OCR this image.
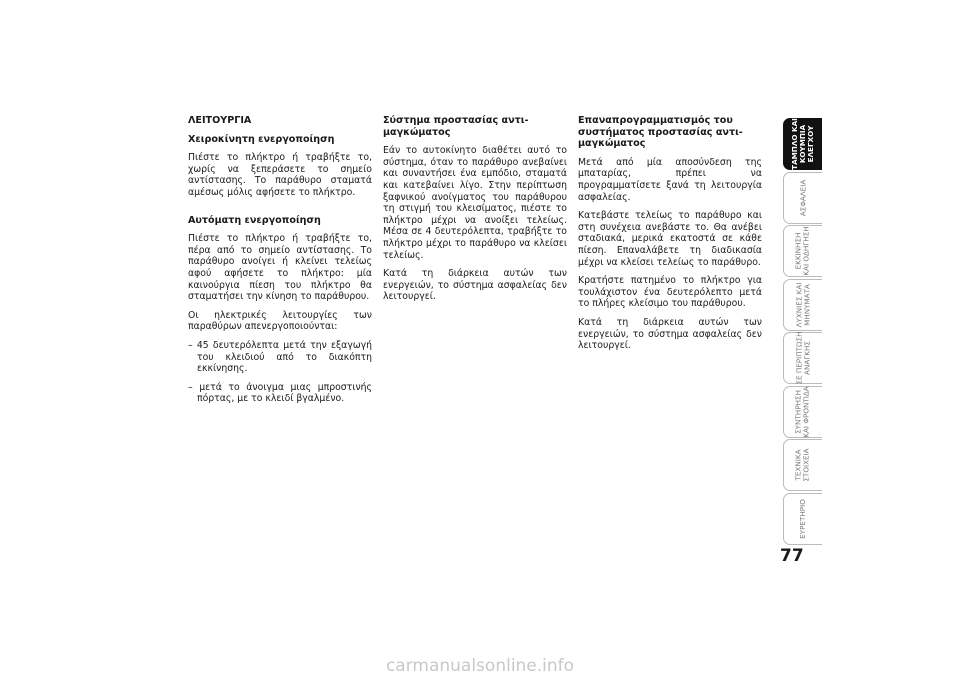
ΛΕΙΤΟΥΡΓΙΑ
Χειροκίνητη ενεργοποίηση

Πιέστε το πλήκτρο ή τραβήξτε το, χωρίς να ξεπεράσετε το σημείο αντίστασης. Το παράθυρο σταματά αμέσως μόλις αφήσετε το πλήκτρο.

Αυτόματη ενεργοποίηση

Πιέστε το πλήκτρο ή τραβήξτε το, πέρα από το σημείο αντίστασης. Το παράθυρο ανοίγει ή κλείνει τελείως αφού αφήσετε το πλήκτρο: μία καινούργια πίεση του πλήκτρο θα σταματήσει την κίνηση το παράθυρου.

Οι ηλεκτρικές λειτουργίες των παραθύρων απενεργοποιούνται:

– 45 δευτερόλεπτα μετά την εξαγωγή του κλειδιού από το διακόπτη εκκίνησης.

– μετά το άνοιγμα μιας μπροστινής πόρτας, με το κλειδί βγαλμένο.

Σύστημα προστασίας αντι-μαγκώματος

Εάν το αυτοκίνητο διαθέτει αυτό το σύστημα, όταν το παράθυρο ανεβαίνει και συναντήσει ένα εμπόδιο, σταματά και κατεβαίνει λίγο. Στην περίπτωση ξαφνικού ανοίγματος του παράθυρου τη στιγμή του κλεισίματος, πιέστε το πλήκτρο μέχρι να ανοίξει τελείως. Μέσα σε 4 δευτερόλεπτα, τραβήξτε το πλήκτρο μέχρι το παράθυρο να κλείσει τελείως.

Κατά τη διάρκεια αυτών των ενεργειών, το σύστημα ασφαλείας δεν λειτουργεί.

Επαναπρογραμματισμός του συστήματος προστασίας αντι-μαγκώματος

Μετά από μία αποσύνδεση της μπαταρίας, πρέπει να προγραμματίσετε ξανά τη λειτουργία ασφαλείας.

Κατεβάστε τελείως το παράθυρο και στη συνέχεια ανεβάστε το. Θα ανέβει σταδιακά, μερικά εκατοστά σε κάθε πίεση. Επαναλάβετε τη διαδικασία μέχρι να κλείσει τελείως το παράθυρο.

Κρατήστε πατημένο το πλήκτρο για τουλάχιστον ένα δευτερόλεπτο μετά το πλήρες κλείσιμο του παράθυρου.

Κατά τη διάρκεια αυτών των ενεργειών, το σύστημα ασφαλείας δεν λειτουργεί.

ΤΑΜΠΛΟ ΚΑΙ
ΚΟΥΜΠΙΑ
ΕΛΕΓΧΟΥ
ΑΣΦΑΛΕΙΑ
ΕΚΚΙΝΗΣΗ
ΚΑΙ ΟΔΗΓΗΣΗ
ΛΥΧΝΙΕΣ ΚΑΙ
ΜΗΝΥΜΑΤΑ
ΣΕ ΠΕΡΙΠΤΩΣΗ
ΑΝΑΓΚΗΣ
ΣΥΝΤΗΡΗΣΗ
ΚΑΙ ΦΡΟΝΤΙΔΑ
ΤΕΧΝΙΚΑ
ΣΤΟΙΧΕΙΑ
77
carmanualsonline.info
ΕΥΡΕΤΗΡΙΟ
